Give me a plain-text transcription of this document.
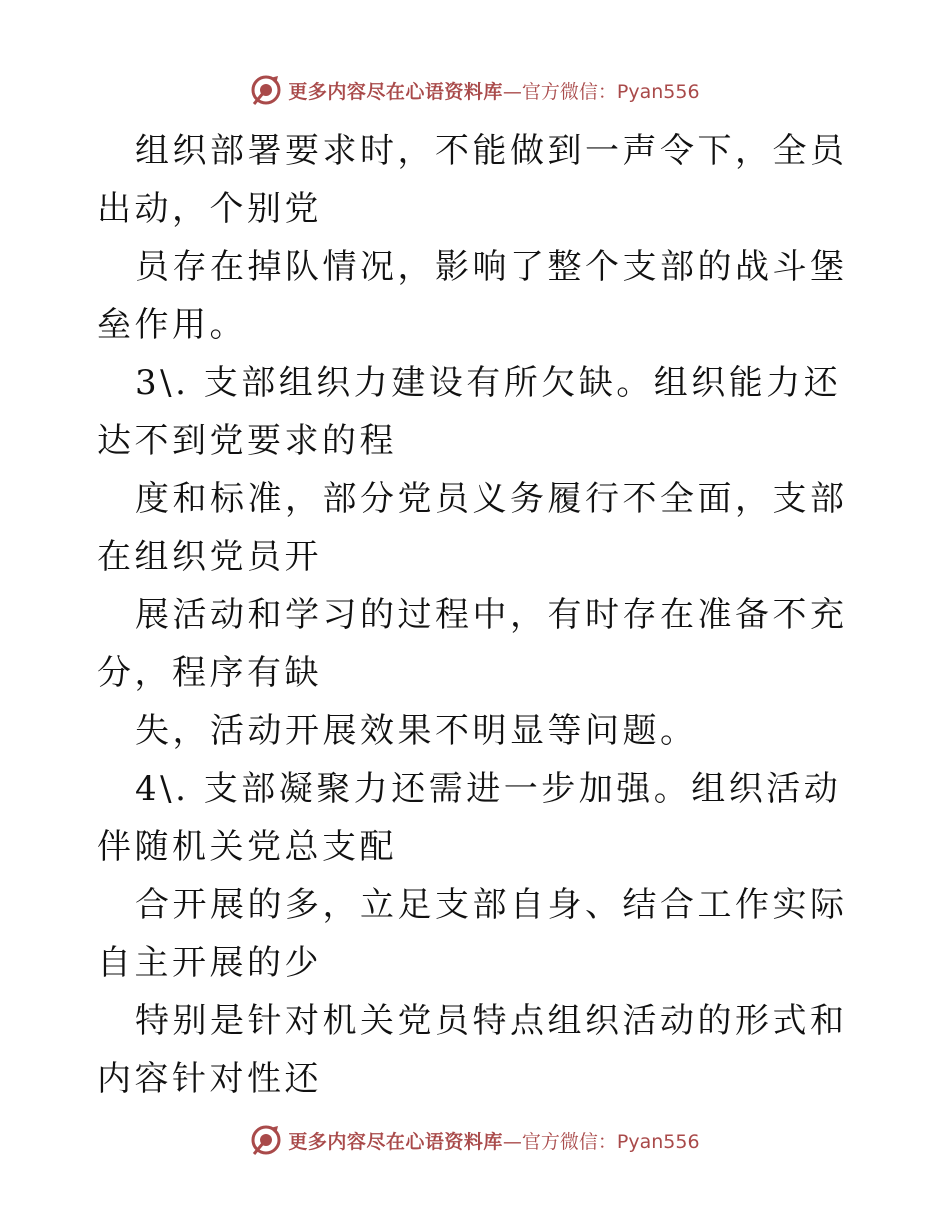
更多内容尽在心语资料库 —官方微信：Pyan556

组织部署要求时，不能做到一声令下，全员出动，个别党

员存在掉队情况，影响了整个支部的战斗堡垒作用。

3\. 支部组织力建设有所欠缺。组织能力还达不到党要求的程

度和标准，部分党员义务履行不全面，支部在组织党员开

展活动和学习的过程中，有时存在准备不充分，程序有缺

失，活动开展效果不明显等问题。

4\. 支部凝聚力还需进一步加强。组织活动伴随机关党总支配

合开展的多，立足支部自身、结合工作实际自主开展的少

特别是针对机关党员特点组织活动的形式和内容针对性还

更多内容尽在心语资料库 —官方微信：Pyan556
